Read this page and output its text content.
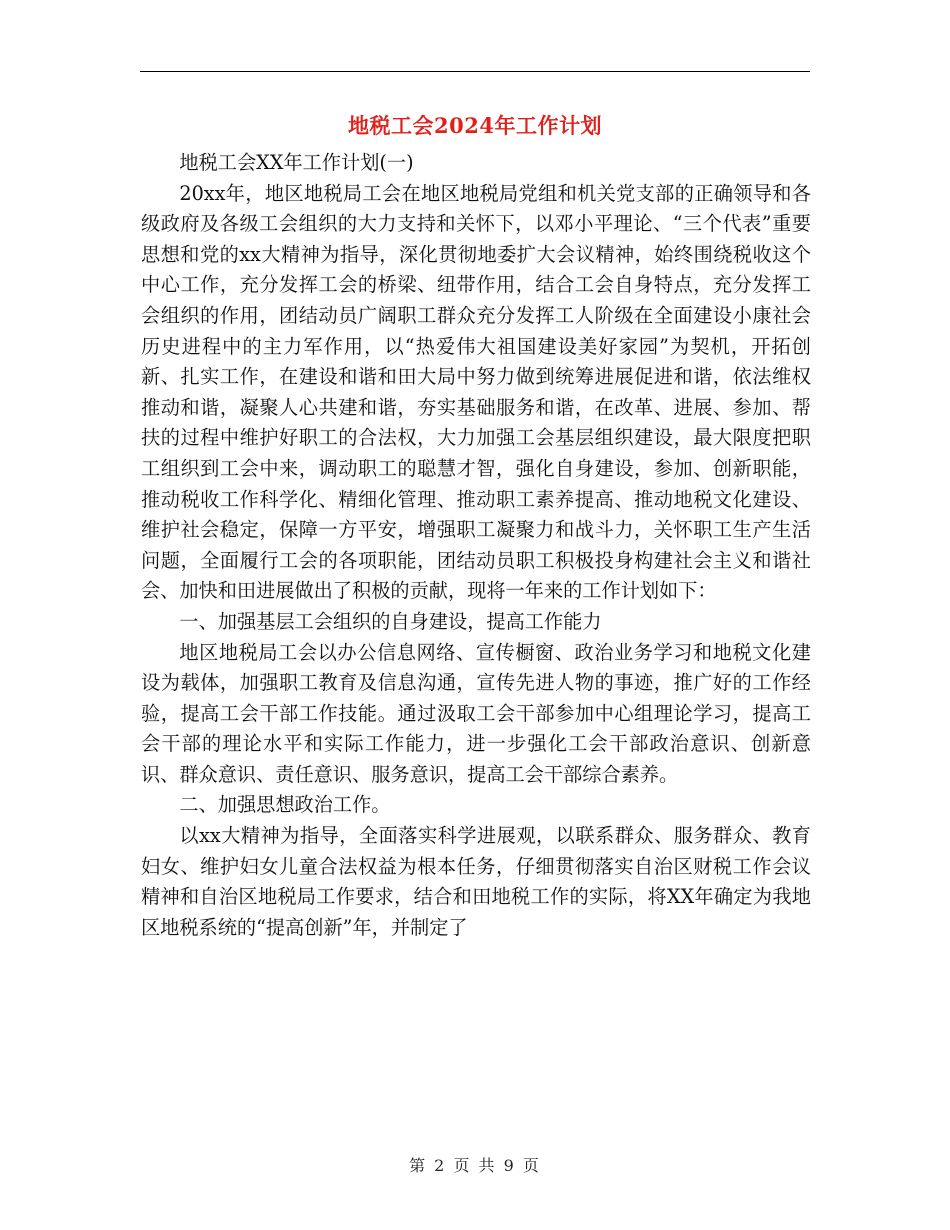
地税工会2024年工作计划

地税工会XX年工作计划(一)

20xx年，地区地税局工会在地区地税局党组和机关党支部的正确领导和各级政府及各级工会组织的大力支持和关怀下，以邓小平理论、“三个代表”重要思想和党的xx大精神为指导，深化贯彻地委扩大会议精神，始终围绕税收这个中心工作，充分发挥工会的桥梁、纽带作用，结合工会自身特点，充分发挥工会组织的作用，团结动员广阔职工群众充分发挥工人阶级在全面建设小康社会历史进程中的主力军作用，以“热爱伟大祖国建设美好家园”为契机，开拓创新、扎实工作，在建设和谐和田大局中努力做到统筹进展促进和谐，依法维权推动和谐，凝聚人心共建和谐，夯实基础服务和谐，在改革、进展、参加、帮扶的过程中维护好职工的合法权，大力加强工会基层组织建设，最大限度把职工组织到工会中来，调动职工的聪慧才智，强化自身建设，参加、创新职能，推动税收工作科学化、精细化管理、推动职工素养提高、推动地税文化建设、维护社会稳定，保障一方平安，增强职工凝聚力和战斗力，关怀职工生产生活问题，全面履行工会的各项职能，团结动员职工积极投身构建社会主义和谐社会、加快和田进展做出了积极的贡献，现将一年来的工作计划如下：

一、加强基层工会组织的自身建设，提高工作能力

地区地税局工会以办公信息网络、宣传橱窗、政治业务学习和地税文化建设为载体，加强职工教育及信息沟通，宣传先进人物的事迹，推广好的工作经验，提高工会干部工作技能。通过汲取工会干部参加中心组理论学习，提高工会干部的理论水平和实际工作能力，进一步强化工会干部政治意识、创新意识、群众意识、责任意识、服务意识，提高工会干部综合素养。

二、加强思想政治工作。

以xx大精神为指导，全面落实科学进展观，以联系群众、服务群众、教育妇女、维护妇女儿童合法权益为根本任务，仔细贯彻落实自治区财税工作会议精神和自治区地税局工作要求，结合和田地税工作的实际，将XX年确定为我地区地税系统的“提高创新”年，并制定了

第 2 页 共 9 页
